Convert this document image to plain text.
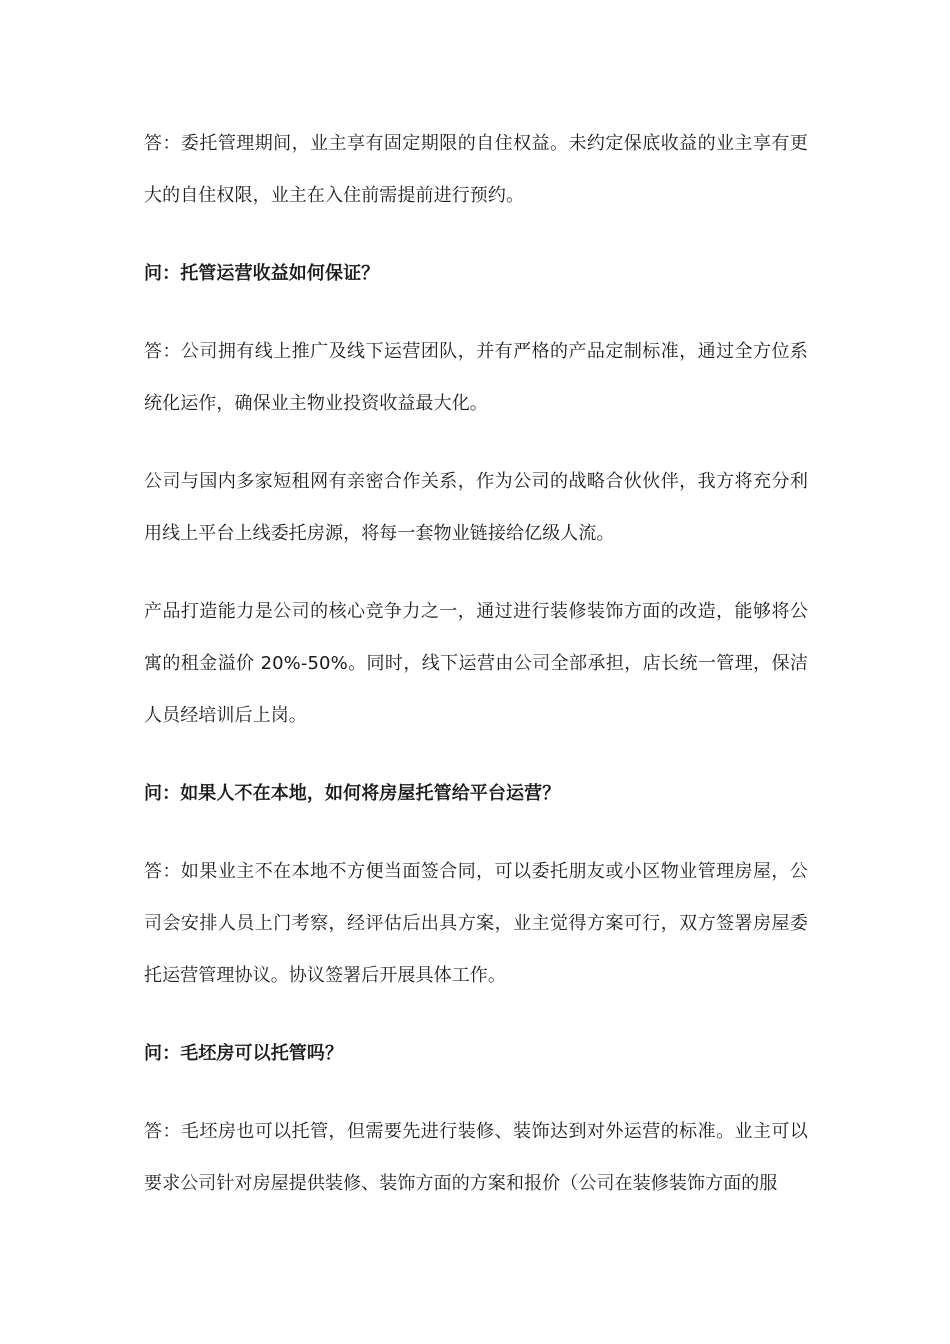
答：委托管理期间，业主享有固定期限的自住权益。未约定保底收益的业主享有更大的自住权限，业主在入住前需提前进行预约。

问：托管运营收益如何保证？

答：公司拥有线上推广及线下运营团队，并有严格的产品定制标准，通过全方位系统化运作，确保业主物业投资收益最大化。

公司与国内多家短租网有亲密合作关系，作为公司的战略合伙伙伴，我方将充分利用线上平台上线委托房源，将每一套物业链接给亿级人流。

产品打造能力是公司的核心竞争力之一，通过进行装修装饰方面的改造，能够将公寓的租金溢价 20%-50%。同时，线下运营由公司全部承担，店长统一管理，保洁人员经培训后上岗。

问：如果人不在本地，如何将房屋托管给平台运营？

答：如果业主不在本地不方便当面签合同，可以委托朋友或小区物业管理房屋，公司会安排人员上门考察，经评估后出具方案，业主觉得方案可行，双方签署房屋委托运营管理协议。协议签署后开展具体工作。

问：毛坯房可以托管吗？

答：毛坯房也可以托管，但需要先进行装修、装饰达到对外运营的标准。业主可以要求公司针对房屋提供装修、装饰方面的方案和报价（公司在装修装饰方面的服
